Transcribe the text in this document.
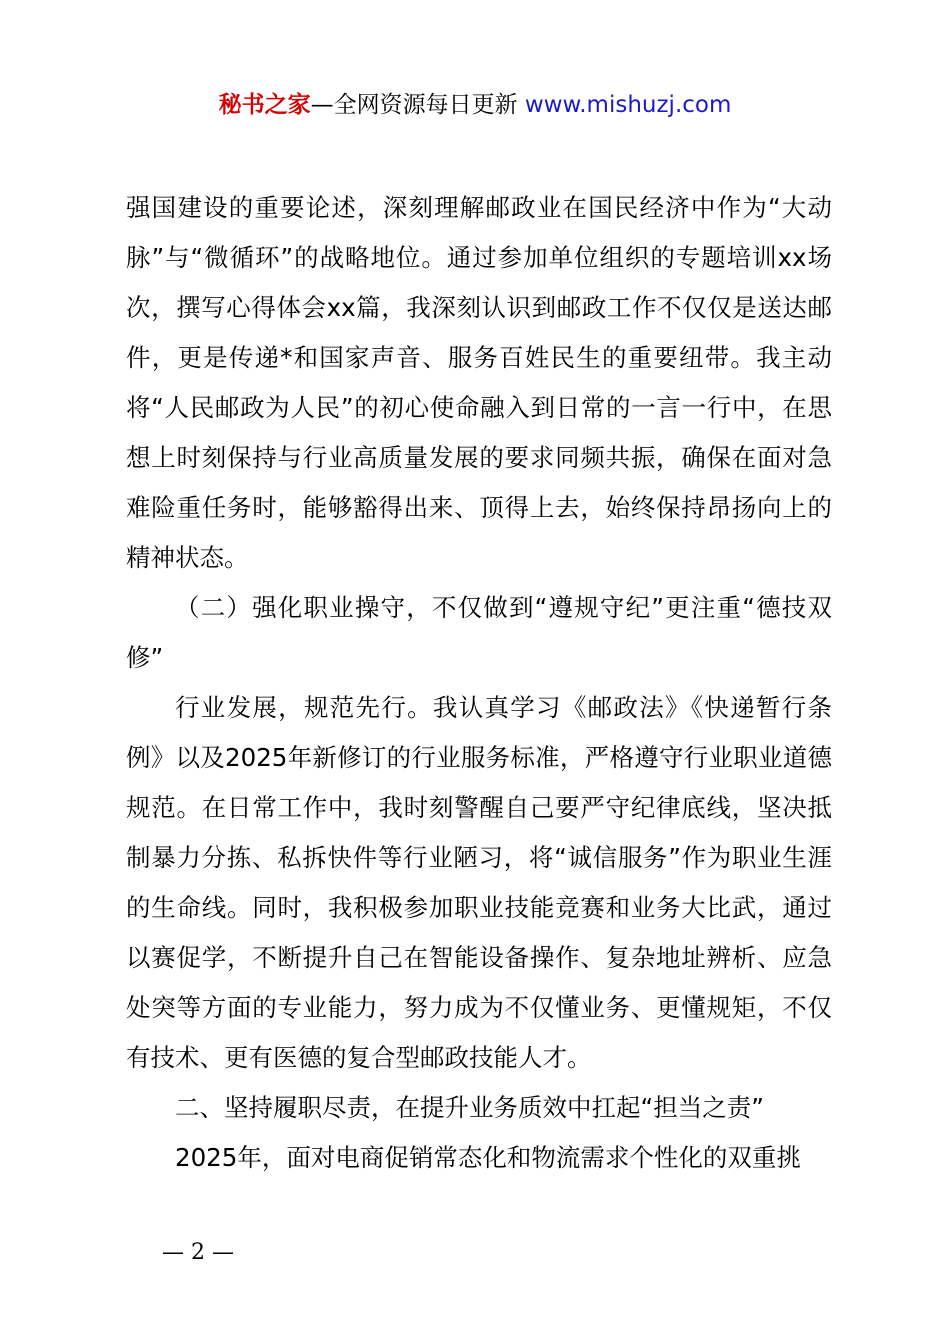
秘书之家—全网资源每日更新 www.mishuzj.com

强国建设的重要论述，深刻理解邮政业在国民经济中作为“大动脉”与“微循环”的战略地位。通过参加单位组织的专题培训xx场次，撰写心得体会xx篇，我深刻认识到邮政工作不仅仅是送达邮件，更是传递*和国家声音、服务百姓民生的重要纽带。我主动将“人民邮政为人民”的初心使命融入到日常的一言一行中，在思想上时刻保持与行业高质量发展的要求同频共振，确保在面对急难险重任务时，能够豁得出来、顶得上去，始终保持昂扬向上的精神状态。

（二）强化职业操守，不仅做到“遵规守纪”更注重“德技双修”

行业发展，规范先行。我认真学习《邮政法》《快递暂行条例》以及2025年新修订的行业服务标准，严格遵守行业职业道德规范。在日常工作中，我时刻警醒自己要严守纪律底线，坚决抵制暴力分拣、私拆快件等行业陋习，将“诚信服务”作为职业生涯的生命线。同时，我积极参加职业技能竞赛和业务大比武，通过以赛促学，不断提升自己在智能设备操作、复杂地址辨析、应急处突等方面的专业能力，努力成为不仅懂业务、更懂规矩，不仅有技术、更有医德的复合型邮政技能人才。

二、坚持履职尽责，在提升业务质效中扛起“担当之责”

2025年，面对电商促销常态化和物流需求个性化的双重挑

— 2 —
